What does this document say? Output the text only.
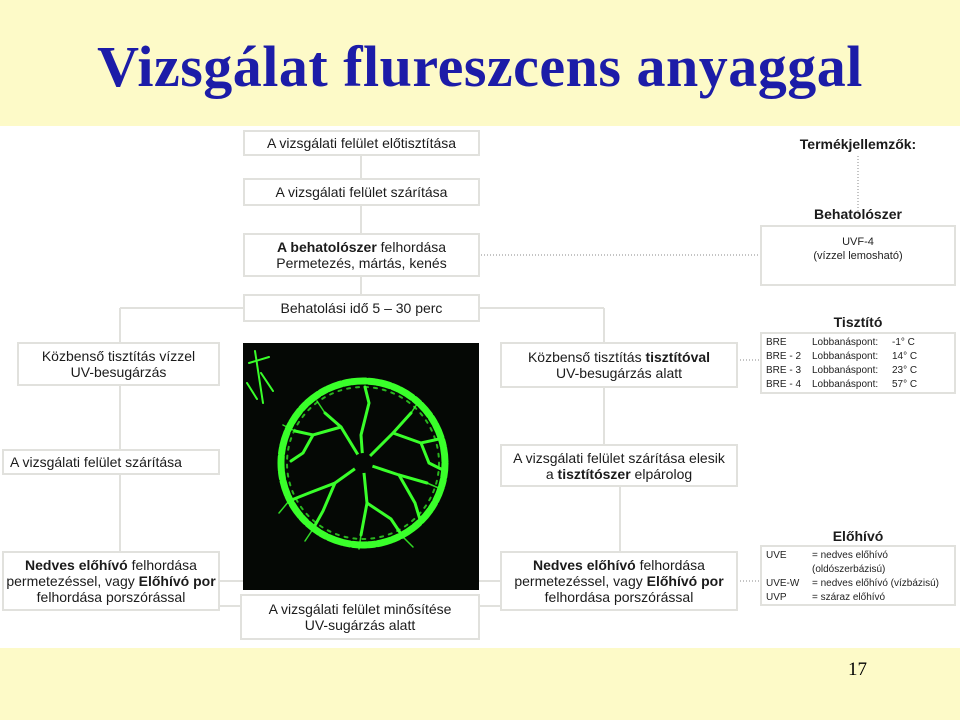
Vizsgálat flureszcens anyaggal
A vizsgálati felület előtisztítása
A vizsgálati felület szárítása
A behatolószer felhordása
Permetezés, mártás, kenés
Behatolási idő 5 – 30 perc
Közbenső tisztítás vízzel
UV-besugárzás
A vizsgálati felület szárítása
Nedves előhívó felhordása
permetezéssel, vagy Előhívó por
felhordása porszórással
Közbenső tisztítás tisztítóval
UV-besugárzás alatt
A vizsgálati felület szárítása elesik
a tisztítószer elpárolog
Nedves előhívó felhordása
permetezéssel, vagy Előhívó por
felhordása porszórással
A vizsgálati felület minősítése
UV-sugárzás alatt
Termékjellemzők:
Behatolószer
UVF-4
(vízzel lemosható)
Tisztító
BRE	Lobbanáspont:	-1° C
BRE - 2	Lobbanáspont:	14° C
BRE - 3	Lobbanáspont:	23° C
BRE - 4	Lobbanáspont:	57° C
Előhívó
UVE	= nedves előhívó
(oldószerbázisú)
UVE-W	= nedves előhívó (vízbázisú)
UVP	= száraz előhívó
17
